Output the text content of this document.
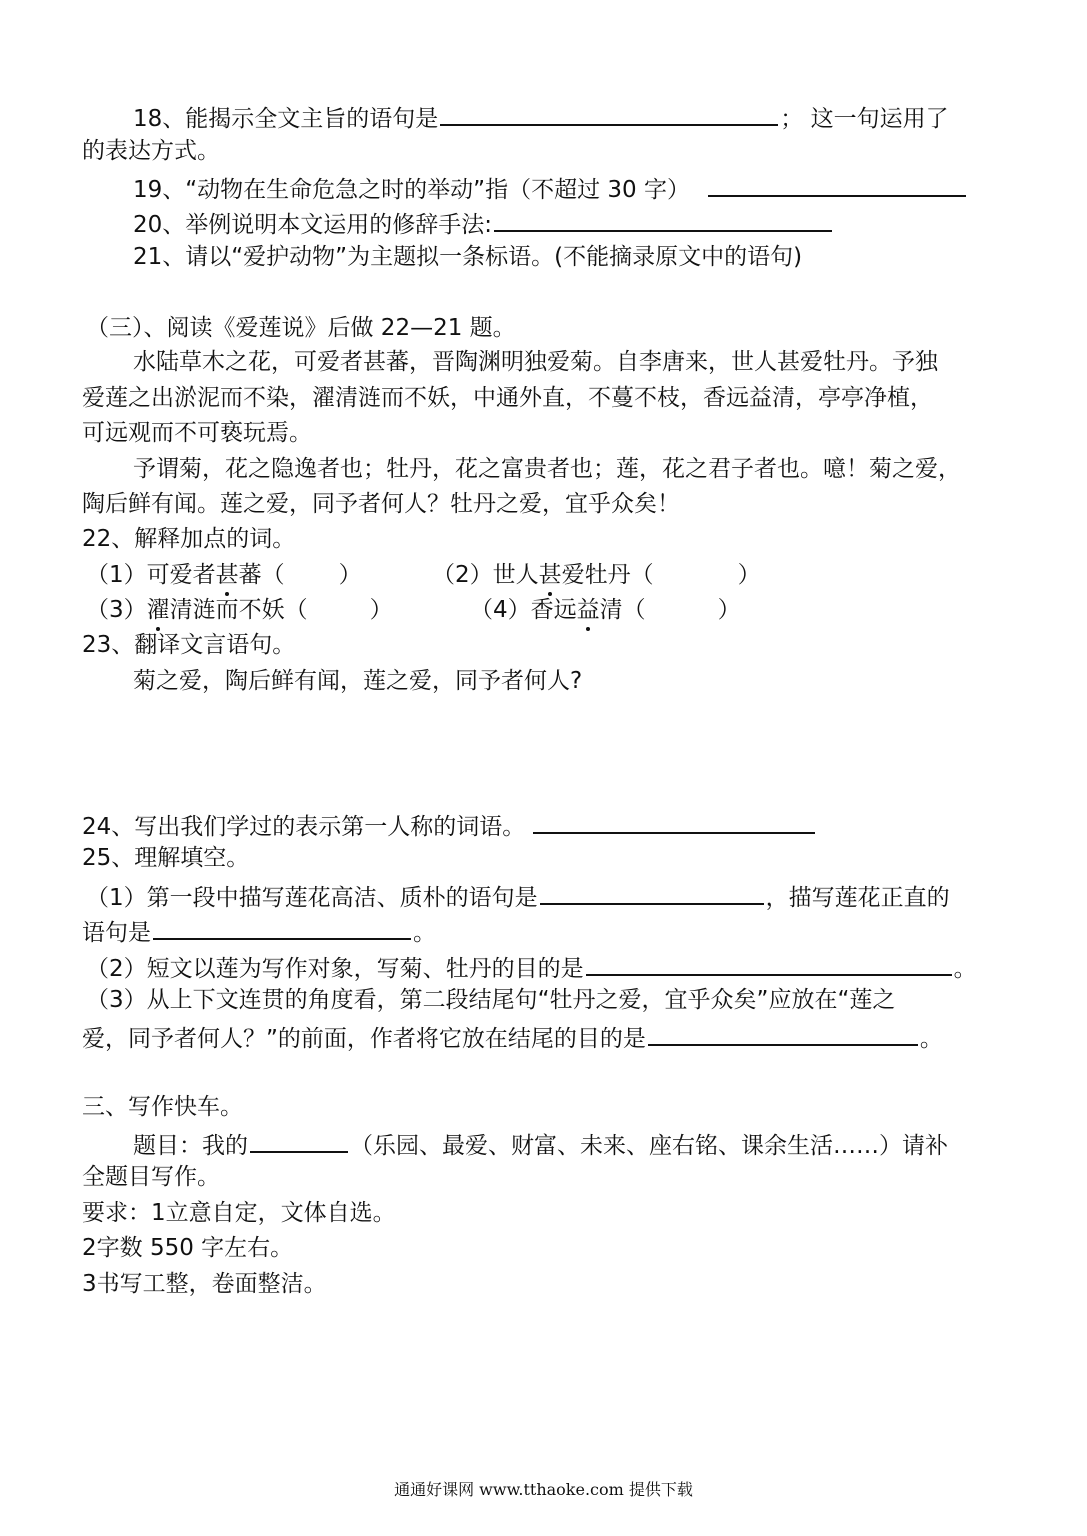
18、能揭示全文主旨的语句是	； 这一句运用了
的表达方式。
19、“动物在生命危急之时的举动”指（不超过 30 字）
20、举例说明本文运用的修辞手法:
21、请以“爱护动物”为主题拟一条标语。(不能摘录原文中的语句)
（三）、阅读《爱莲说》后做 22—21 题。
水陆草木之花，可爱者甚蕃，晋陶渊明独爱菊。自李唐来，世人甚爱牡丹。予独
爱莲之出淤泥而不染，濯清涟而不妖，中通外直，不蔓不枝，香远益清，亭亭净植，
可远观而不可亵玩焉。
予谓菊，花之隐逸者也；牡丹，花之富贵者也；莲，花之君子者也。噫！菊之爱，
陶后鲜有闻。莲之爱，同予者何人？牡丹之爱，宜乎众矣！
22、解释加点的词。
（1）可爱者甚蕃（ ）	（2）世人甚爱牡丹（	）
（3）濯清涟而不妖（	）	（4）香远益清（	）
23、翻译文言语句。
菊之爱，陶后鲜有闻，莲之爱，同予者何人?
24、写出我们学过的表示第一人称的词语。
25、理解填空。
（1）第一段中描写莲花高洁、质朴的语句是	，描写莲花正直的
语句是	。
（2）短文以莲为写作对象，写菊、牡丹的目的是	。
（3）从上下文连贯的角度看，第二段结尾句“牡丹之爱，宜乎众矣”应放在“莲之
爱，同予者何人？”的前面，作者将它放在结尾的目的是	。
三、写作快车。
题目：我的	（乐园、最爱、财富、未来、座右铭、课余生活……）请补
全题目写作。
要求：1立意自定，文体自选。
2字数 550 字左右。
3书写工整，卷面整洁。
通通好课网 www.tthaoke.com 提供下载
